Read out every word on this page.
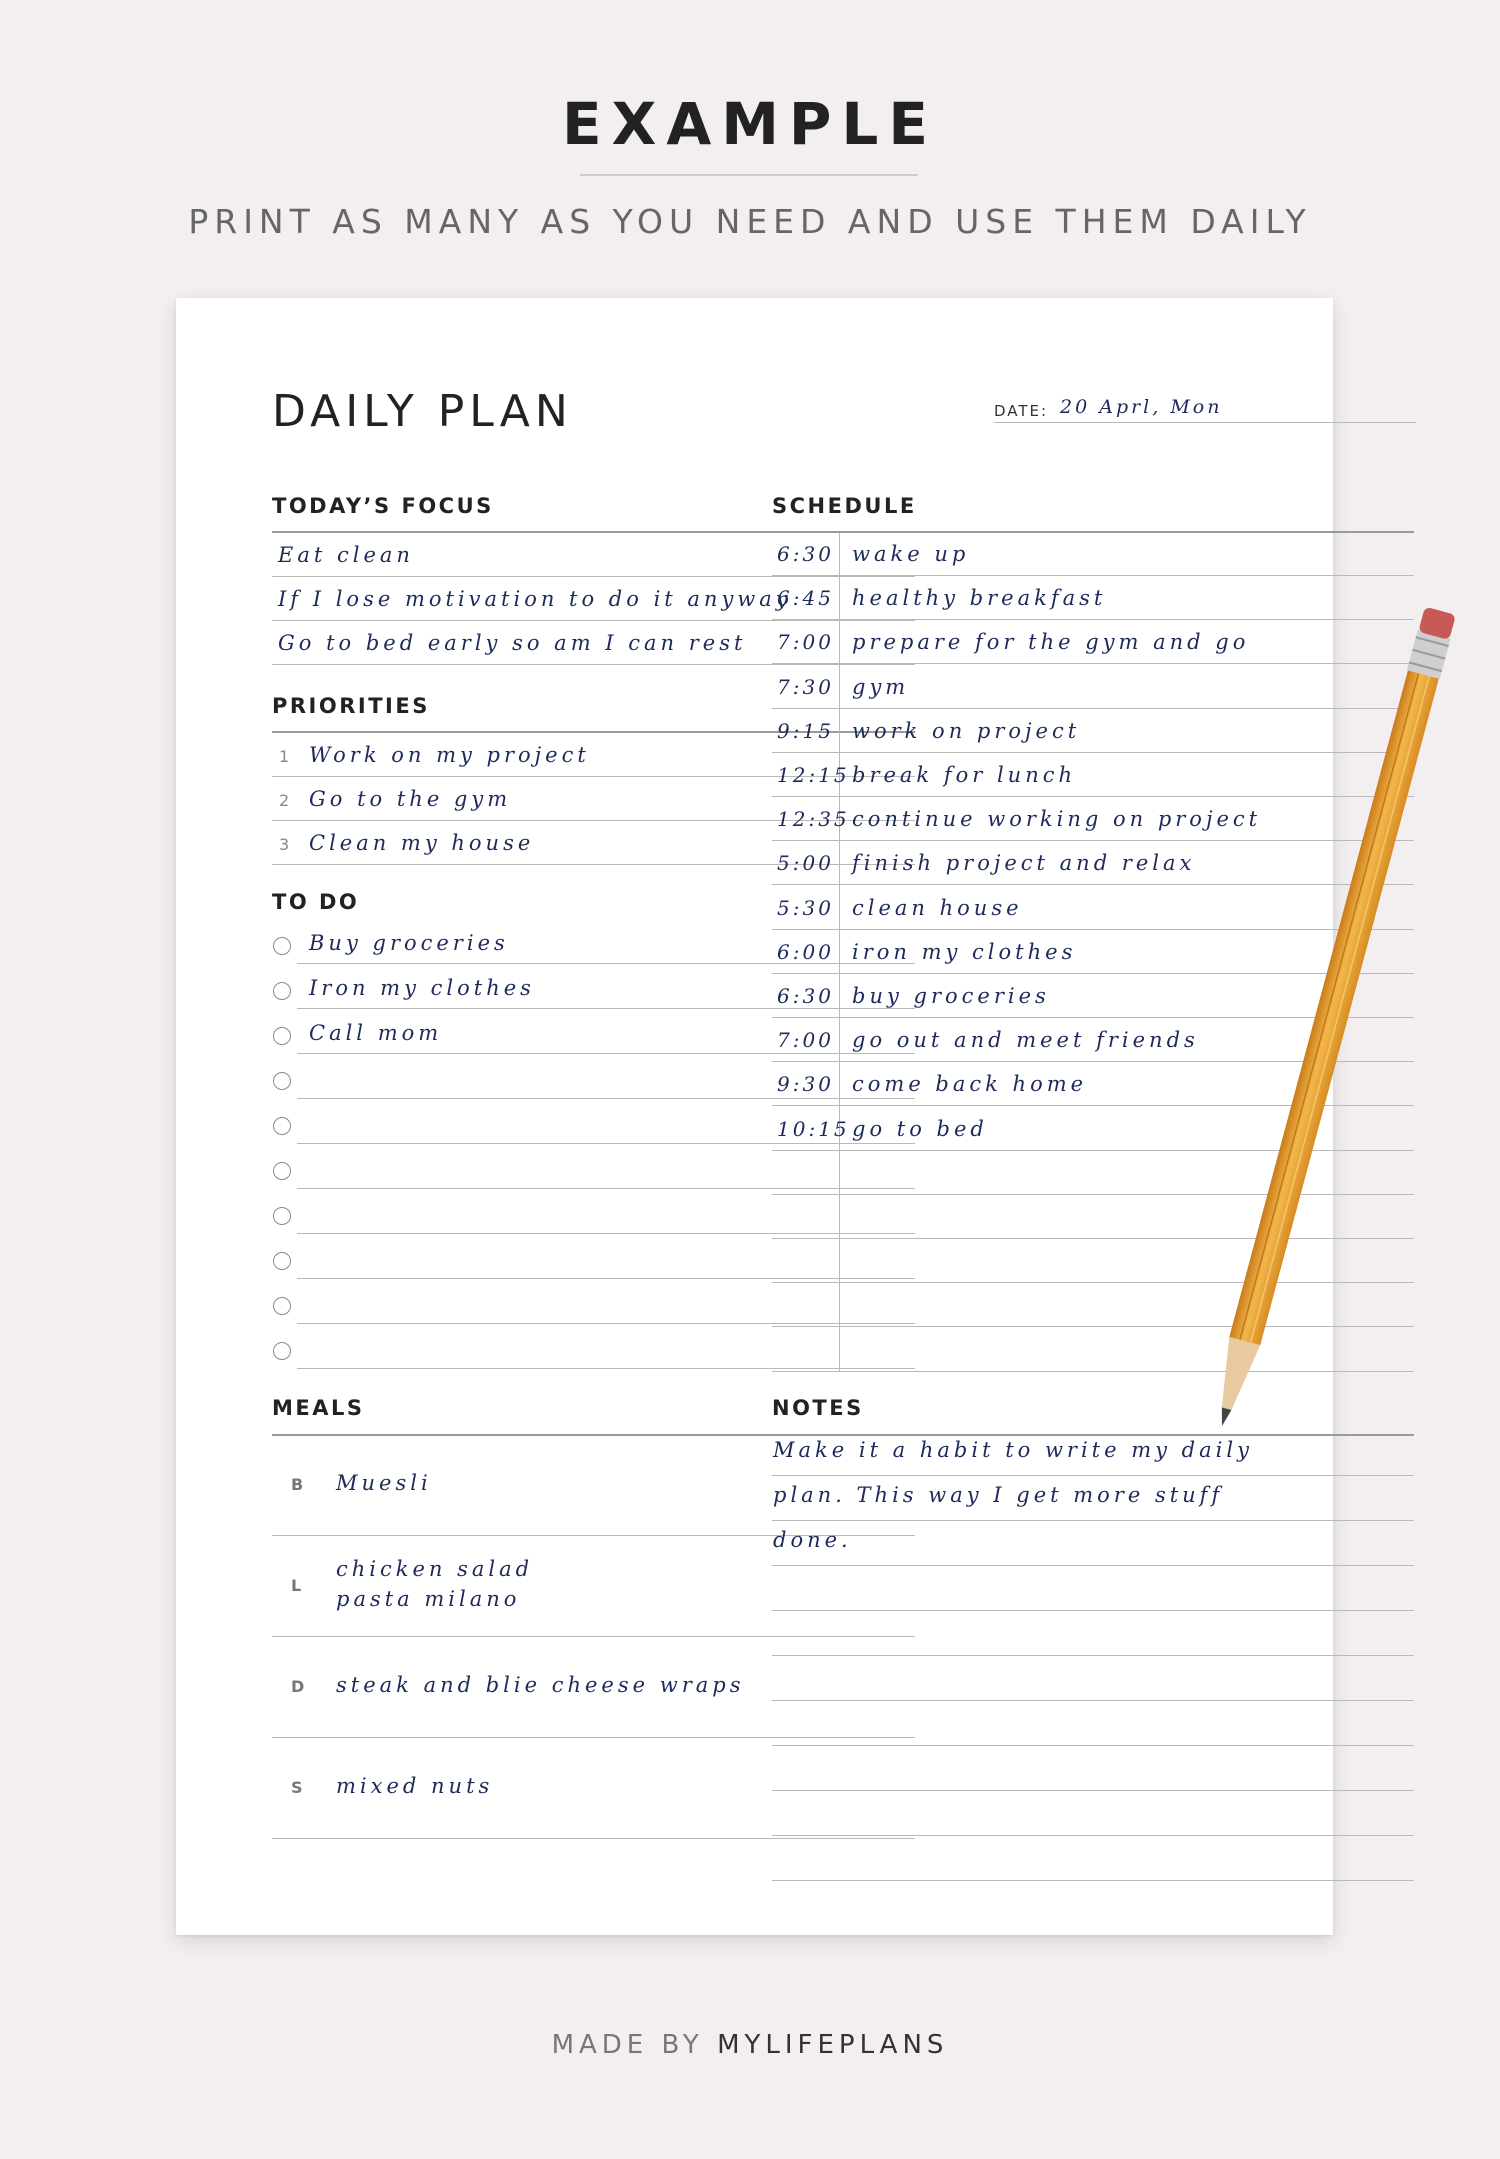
EXAMPLE
PRINT AS MANY AS YOU NEED AND USE THEM DAILY
DAILY PLAN	DATE: 20 Aprl, Mon
TODAY’S FOCUS
Eat clean
If I lose motivation to do it anyway
Go to bed early so am I can rest
PRIORITIES
1 Work on my project
2 Go to the gym
3 Clean my house
TO DO
Buy groceries
Iron my clothes
Call mom
MEALS
B Muesli
L
chicken salad
pasta milano
D steak and blie cheese wraps
S mixed nuts
SCHEDULE
6:30 wake up
6:45 healthy breakfast
7:00 prepare for the gym and go
7:30 gym
9:15 work on project
12:15 break for lunch
12:35 continue working on project
5:00 finish project and relax
5:30 clean house
6:00 iron my clothes
6:30 buy groceries
7:00 go out and meet friends
9:30 come back home
10:15 go to bed
NOTES
Make it a habit to write my daily
plan. This way I get more stuff
done.
MADE BY MYLIFEPLANS
